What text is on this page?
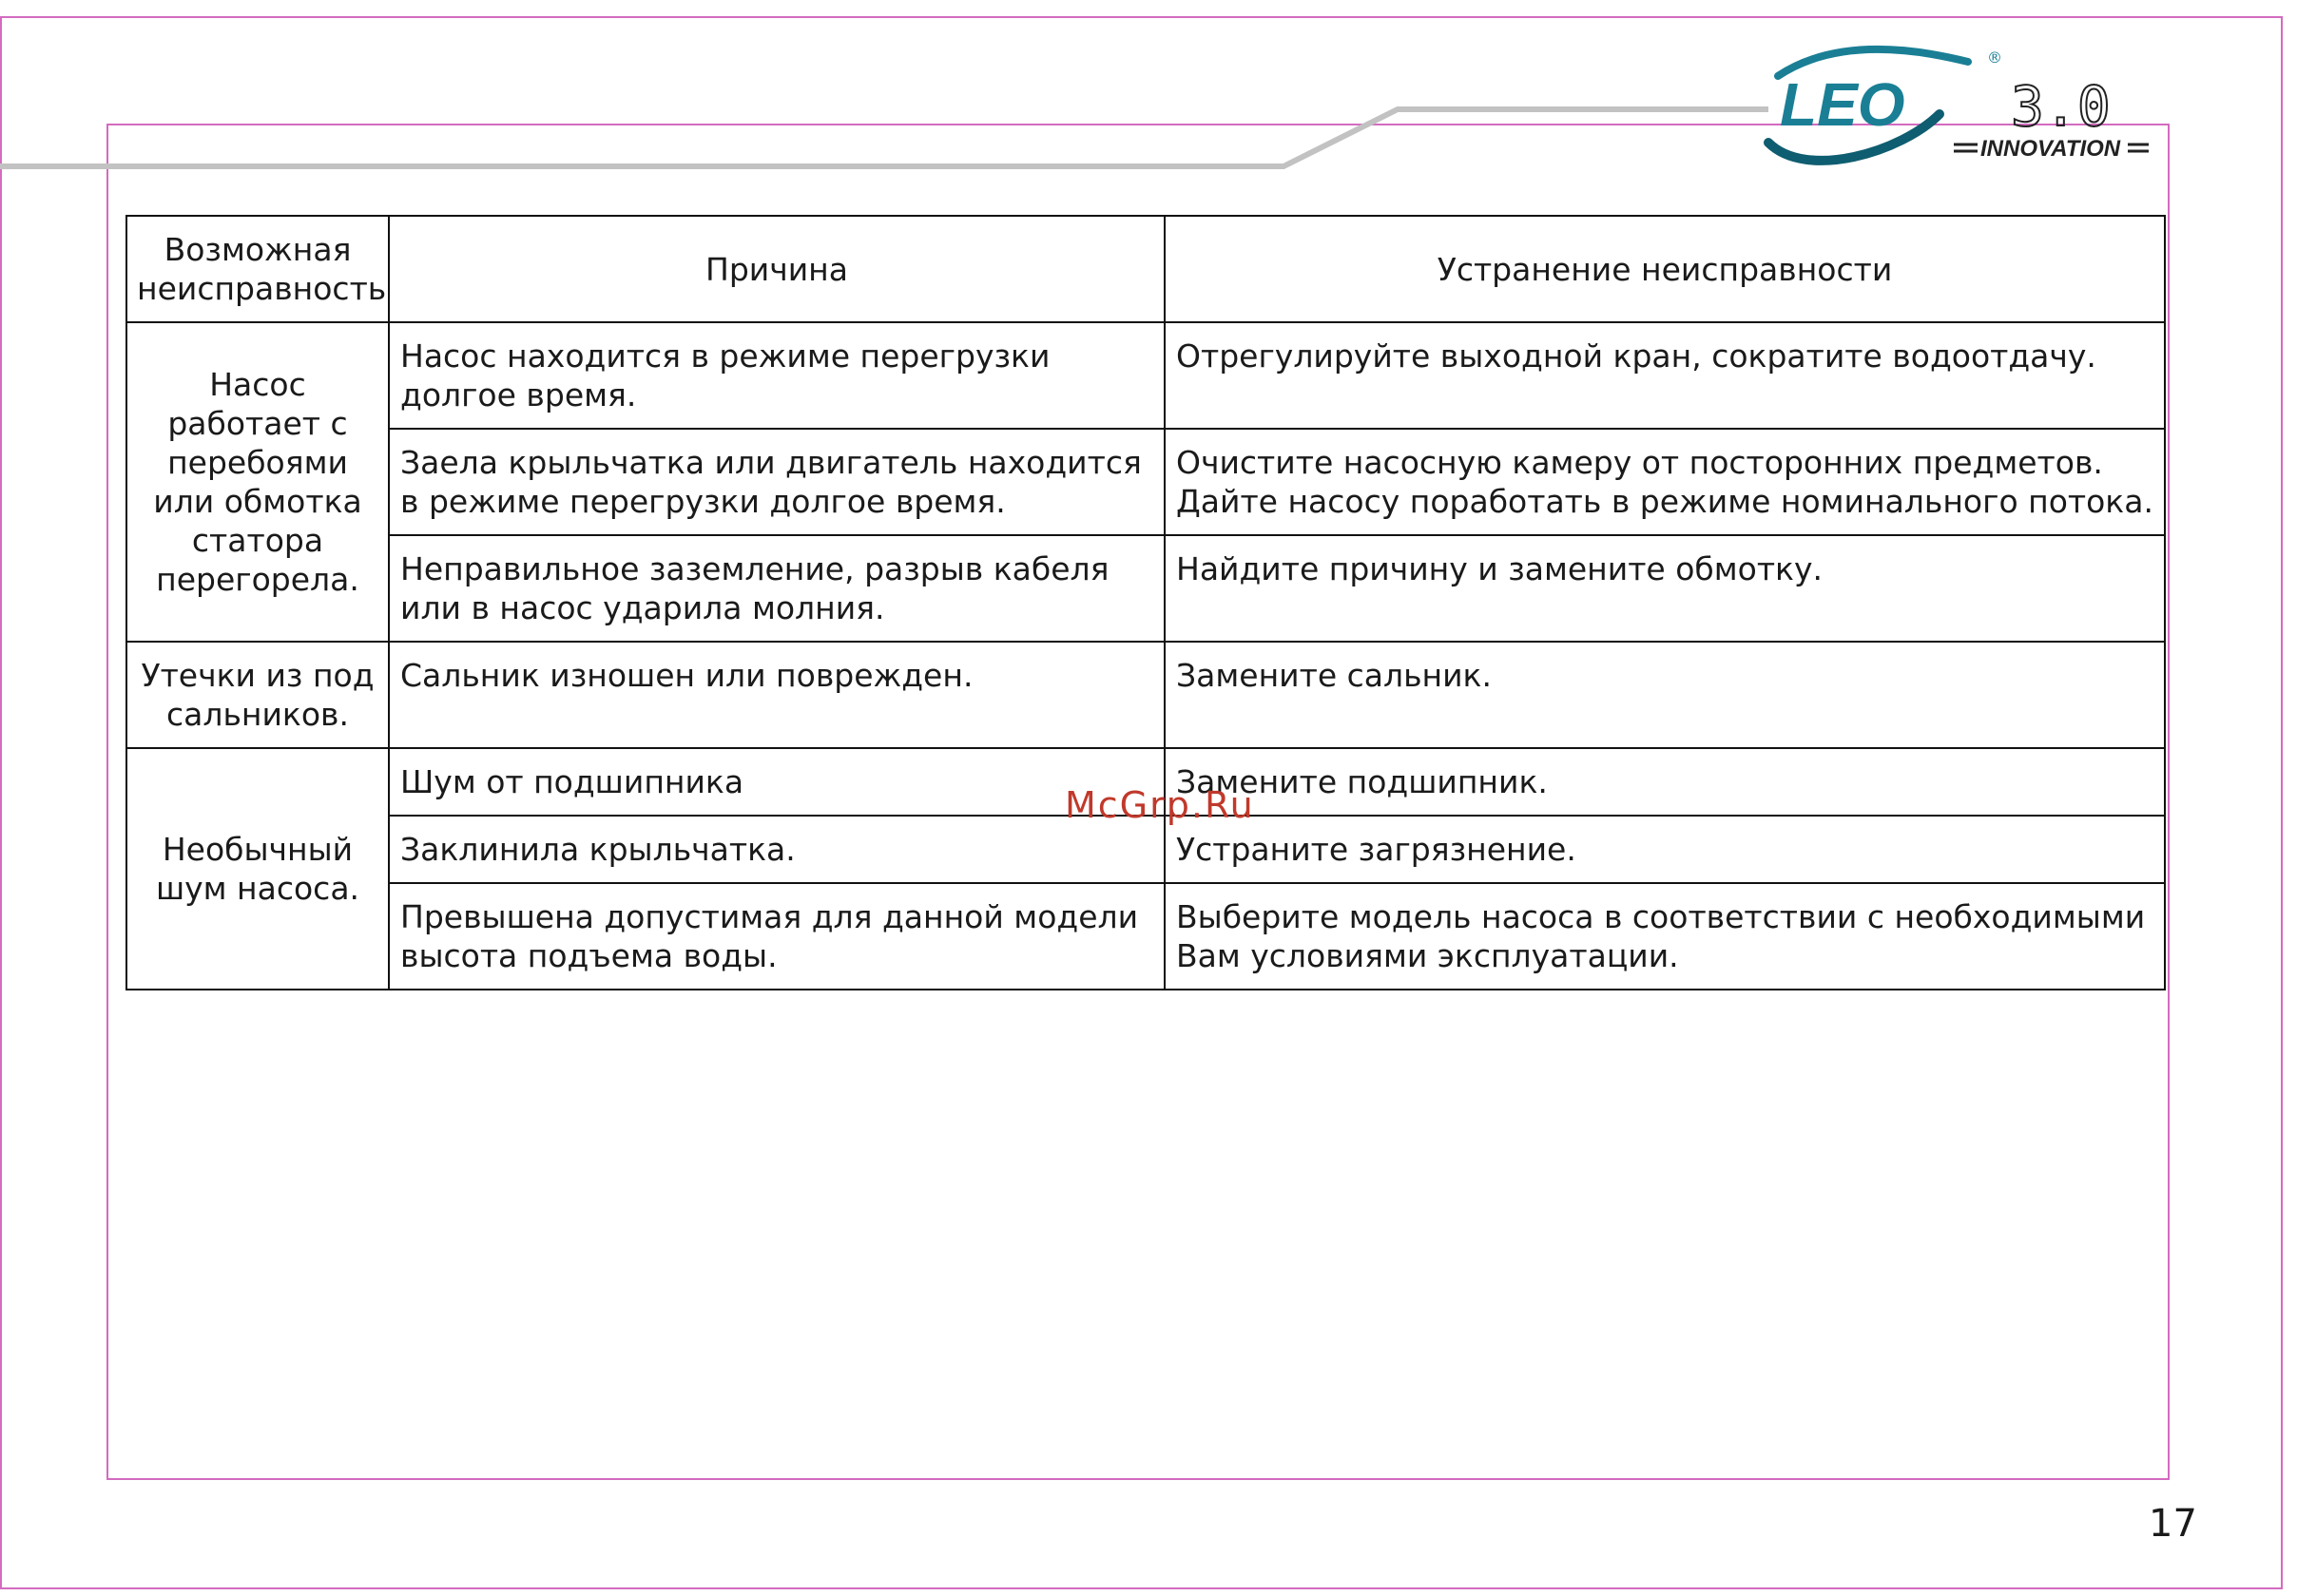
LEO
®
3.0
INNOVATION
Возможная неисправность	Причина	Устранение неисправности
Насос работает с перебоями или обмотка статора перегорела.	Насос находится в режиме перегрузки долгое время.	Отрегулируйте выходной кран, сократите водоотдачу.
	Заела крыльчатка или двигатель находится в режиме перегрузки долгое время.	Очистите насосную камеру от посторонних предметов. Дайте насосу поработать в режиме номинального потока.
	Неправильное заземление, разрыв кабеля или в насос ударила молния.	Найдите причину и замените обмотку.
Утечки из под сальников.	Сальник изношен или поврежден.	Замените сальник.
Необычный шум насоса.	Шум от подшипника	Замените подшипник.
	Заклинила крыльчатка.	Устраните загрязнение.
	Превышена допустимая для данной модели высота подъема воды.	Выберите модель насоса в соответствии с необходимыми Вам условиями эксплуатации.
McGrp.Ru
17
